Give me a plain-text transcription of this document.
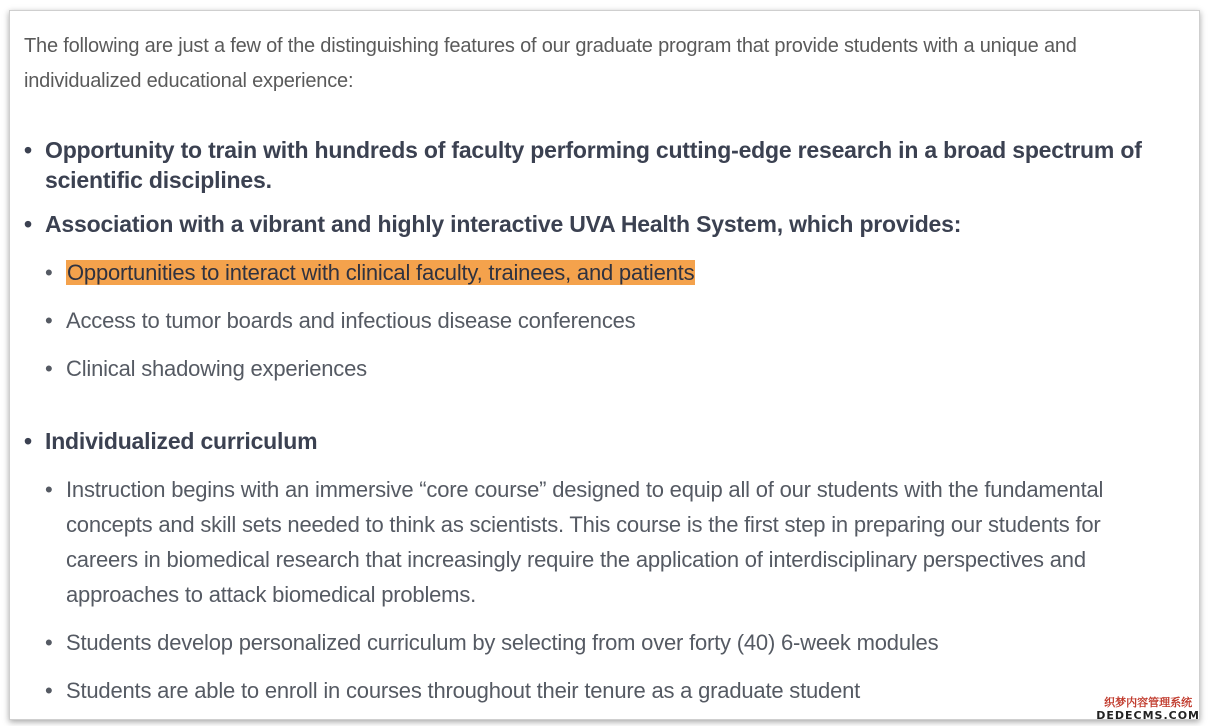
The following are just a few of the distinguishing features of our graduate program that provide students with a unique and individualized educational experience:

• Opportunity to train with hundreds of faculty performing cutting-edge research in a broad spectrum of scientific disciplines.
• Association with a vibrant and highly interactive UVA Health System, which provides:
• Opportunities to interact with clinical faculty, trainees, and patients
• Access to tumor boards and infectious disease conferences
• Clinical shadowing experiences
• Individualized curriculum
• Instruction begins with an immersive “core course” designed to equip all of our students with the fundamental concepts and skill sets needed to think as scientists. This course is the first step in preparing our students for careers in biomedical research that increasingly require the application of interdisciplinary perspectives and approaches to attack biomedical problems.
• Students develop personalized curriculum by selecting from over forty (40) 6-week modules
• Students are able to enroll in courses throughout their tenure as a graduate student	织梦内容管理系统
DEDECMS.COM
